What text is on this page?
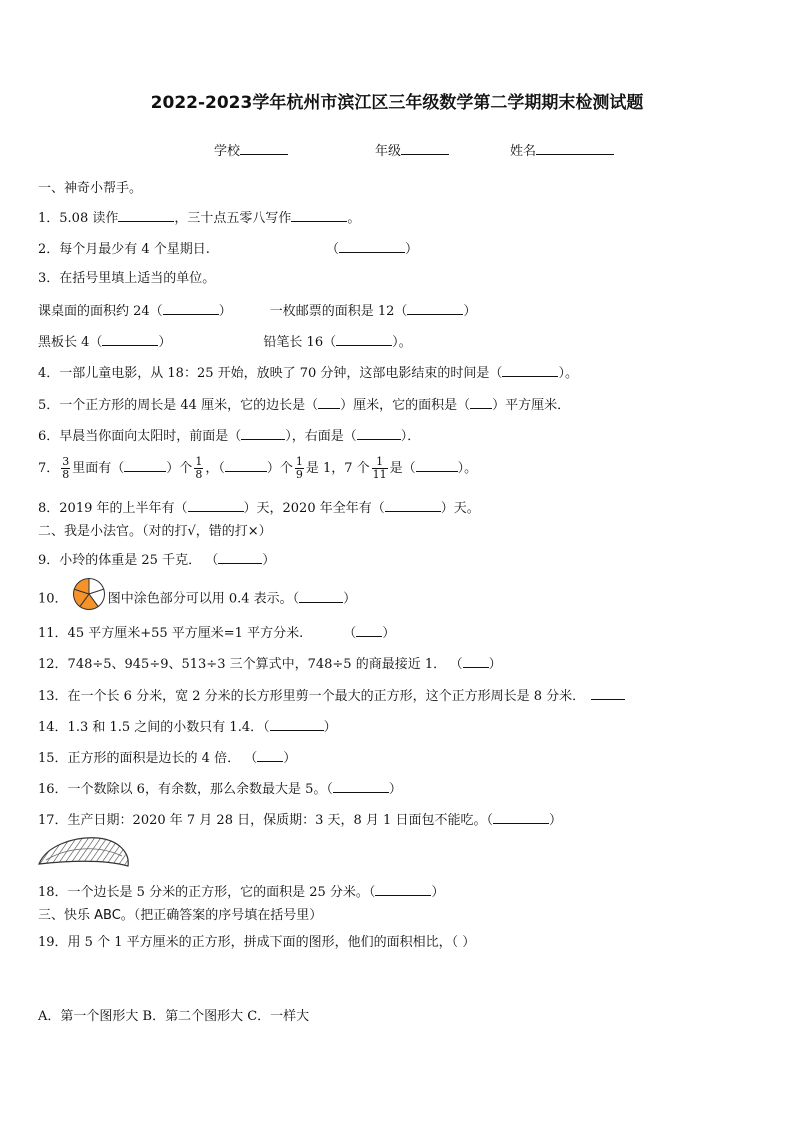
2022-2023学年杭州市滨江区三年级数学第二学期期末检测试题
学校	年级	姓名
一、神奇小帮手。
1．5.08 读作	，三十点五零八写作	。
2．每个月最少有 4 个星期日.	（	）
3．在括号里填上适当的单位。
课桌面的面积约 24（	）	一枚邮票的面积是 12（	）
黑板长 4（	）	铅笔长 16（	）。
4．一部儿童电影，从 18：25 开始，放映了 70 分钟，这部电影结束的时间是（	）。
5．一个正方形的周长是 44 厘米，它的边长是（ ）厘米，它的面积是（ ）平方厘米．
6．早晨当你面向太阳时，前面是（	），右面是（	）．
7． $\frac{3}{8}$ 里面有（	）个 $\frac{1}{8}$ ，（	）个 $\frac{1}{9}$ 是 1，7 个 $\frac{1}{11}$ 是（	）。
8．2019 年的上半年有（	）天，2020 年全年有（	）天。
二、我是小法官。（对的打√，错的打×）
9．小玲的体重是 25 千克． （	）
10．	图中涂色部分可以用 0.4 表示。（	）
11．45 平方厘米+55 平方厘米=1 平方分米.	（ ）
12．748÷5、945÷9、513÷3 三个算式中，748÷5 的商最接近 1． （ ）
13．在一个长 6 分米，宽 2 分米的长方形里剪一个最大的正方形，这个正方形周长是 8 分米．
14．1.3 和 1.5 之间的小数只有 1.4．（	）
15．正方形的面积是边长的 4 倍． （ ）
16．一个数除以 6，有余数，那么余数最大是 5。（	）
17．生产日期：2020 年 7 月 28 日，保质期：3 天，8 月 1 日面包不能吃。（	）
18．一个边长是 5 分米的正方形，它的面积是 25 分米。（	）
三、快乐 ABC。（把正确答案的序号填在括号里）
19．用 5 个 1 平方厘米的正方形，拼成下面的图形，他们的面积相比，（ ）
A．第一个图形大 B．第二个图形大 C．一样大
